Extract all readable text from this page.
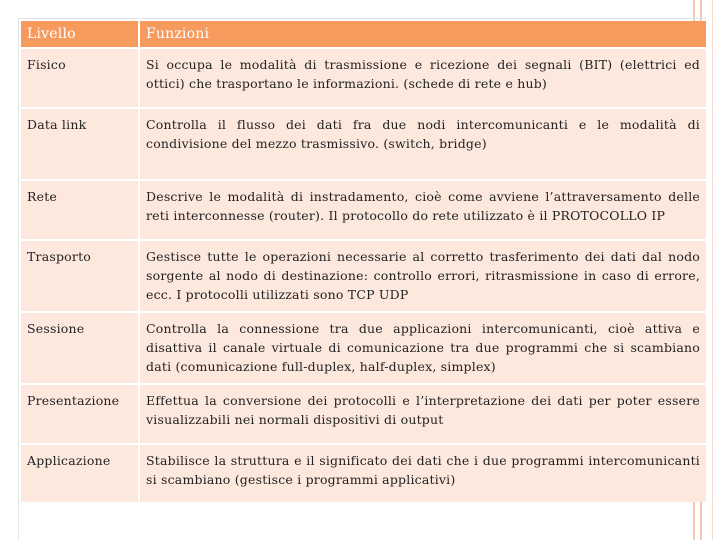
Livello	Funzioni
Fisico	Si occupa le modalità di trasmissione e ricezione dei segnali (BIT) (elettrici ed ottici) che trasportano le informazioni. (schede di rete e hub)
Data link	Controlla il flusso dei dati fra due nodi intercomunicanti e le modalità di condivisione del mezzo trasmissivo. (switch, bridge)
Rete	Descrive le modalità di instradamento, cioè come avviene l’attraversamento delle reti interconnesse (router). Il protocollo do rete utilizzato è il PROTOCOLLO IP
Trasporto	Gestisce tutte le operazioni necessarie al corretto trasferimento dei dati dal nodo sorgente al nodo di destinazione: controllo errori, ritrasmissione in caso di errore, ecc. I protocolli utilizzati sono TCP UDP
Sessione	Controlla la connessione tra due applicazioni intercomunicanti, cioè attiva e disattiva il canale virtuale di comunicazione tra due programmi che si scambiano dati (comunicazione full-duplex, half-duplex, simplex)
Presentazione	Effettua la conversione dei protocolli e l’interpretazione dei dati per poter essere visualizzabili nei normali dispositivi di output
Applicazione	Stabilisce la struttura e il significato dei dati che i due programmi intercomunicanti si scambiano (gestisce i programmi applicativi)
